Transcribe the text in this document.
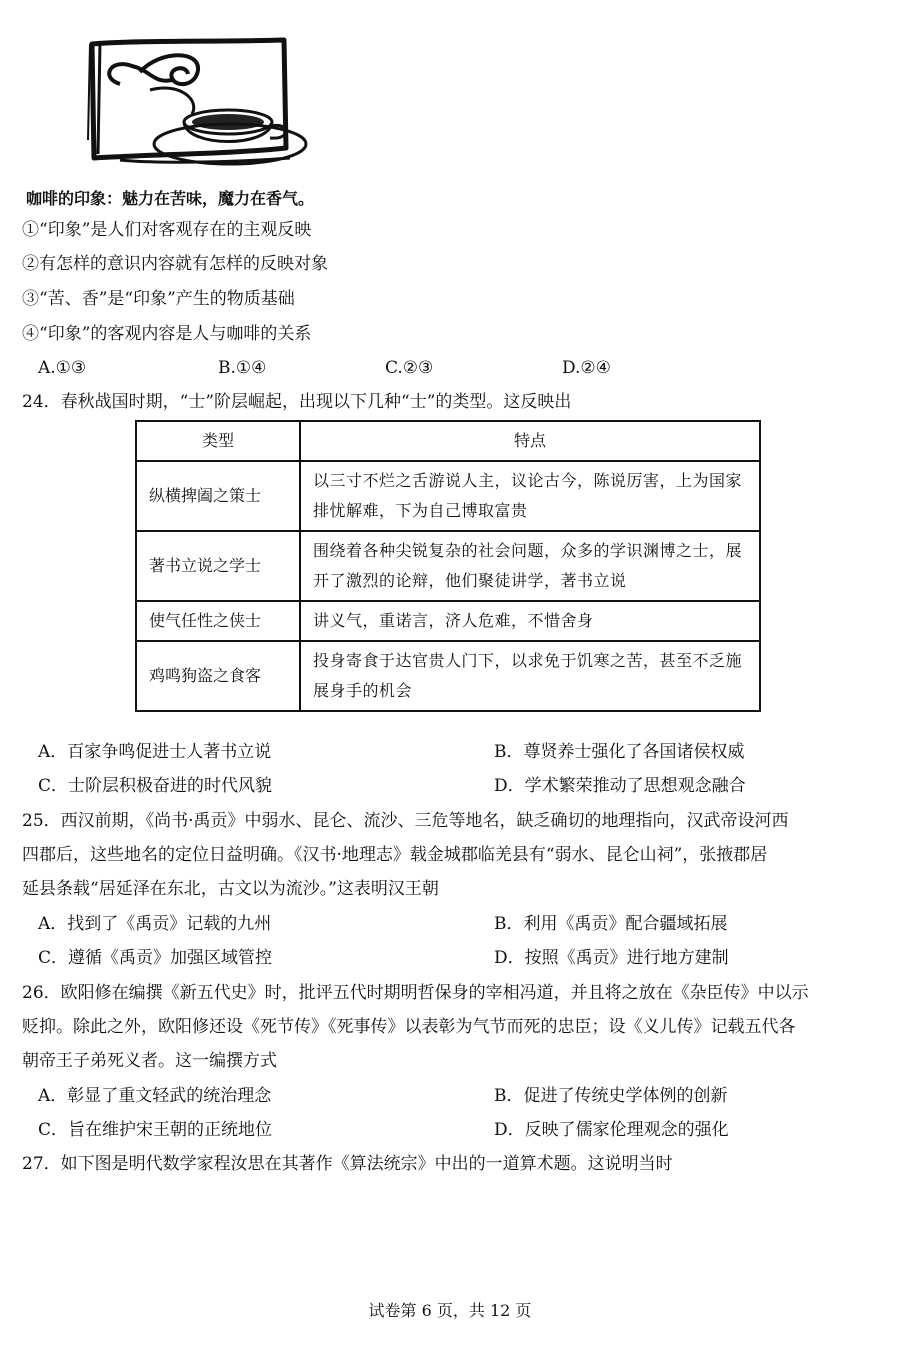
咖啡的印象：魅力在苦味，魔力在香气。
①“印象”是人们对客观存在的主观反映
②有怎样的意识内容就有怎样的反映对象
③“苦、香”是“印象”产生的物质基础
④“印象”的客观内容是人与咖啡的关系
A.①③	B.①④	C.②③	D.②④
24．春秋战国时期，“士”阶层崛起，出现以下几种“士”的类型。这反映出
类型	特点
纵横捭阖之策士	以三寸不烂之舌游说人主，议论古今，陈说厉害，上为国家排忧解难，下为自己博取富贵
著书立说之学士	围绕着各种尖锐复杂的社会问题，众多的学识渊博之士，展开了激烈的论辩，他们聚徒讲学，著书立说
使气任性之侠士	讲义气，重诺言，济人危难，不惜舍身
鸡鸣狗盗之食客	投身寄食于达官贵人门下，以求免于饥寒之苦，甚至不乏施展身手的机会
A．百家争鸣促进士人著书立说	B．尊贤养士强化了各国诸侯权威
C．士阶层积极奋进的时代风貌	D．学术繁荣推动了思想观念融合
25．西汉前期，《尚书·禹贡》中弱水、昆仑、流沙、三危等地名，缺乏确切的地理指向，汉武帝设河西
四郡后，这些地名的定位日益明确。《汉书·地理志》载金城郡临羌县有“弱水、昆仑山祠”，张掖郡居
延县条载“居延泽在东北，古文以为流沙。”这表明汉王朝
A．找到了《禹贡》记载的九州	B．利用《禹贡》配合疆域拓展
C．遵循《禹贡》加强区域管控	D．按照《禹贡》进行地方建制
26．欧阳修在编撰《新五代史》时，批评五代时期明哲保身的宰相冯道，并且将之放在《杂臣传》中以示
贬抑。除此之外，欧阳修还设《死节传》《死事传》以表彰为气节而死的忠臣；设《义儿传》记载五代各
朝帝王子弟死义者。这一编撰方式
A．彰显了重文轻武的统治理念	B．促进了传统史学体例的创新
C．旨在维护宋王朝的正统地位	D．反映了儒家伦理观念的强化
27．如下图是明代数学家程汝思在其著作《算法统宗》中出的一道算术题。这说明当时
试卷第 6 页，共 12 页
